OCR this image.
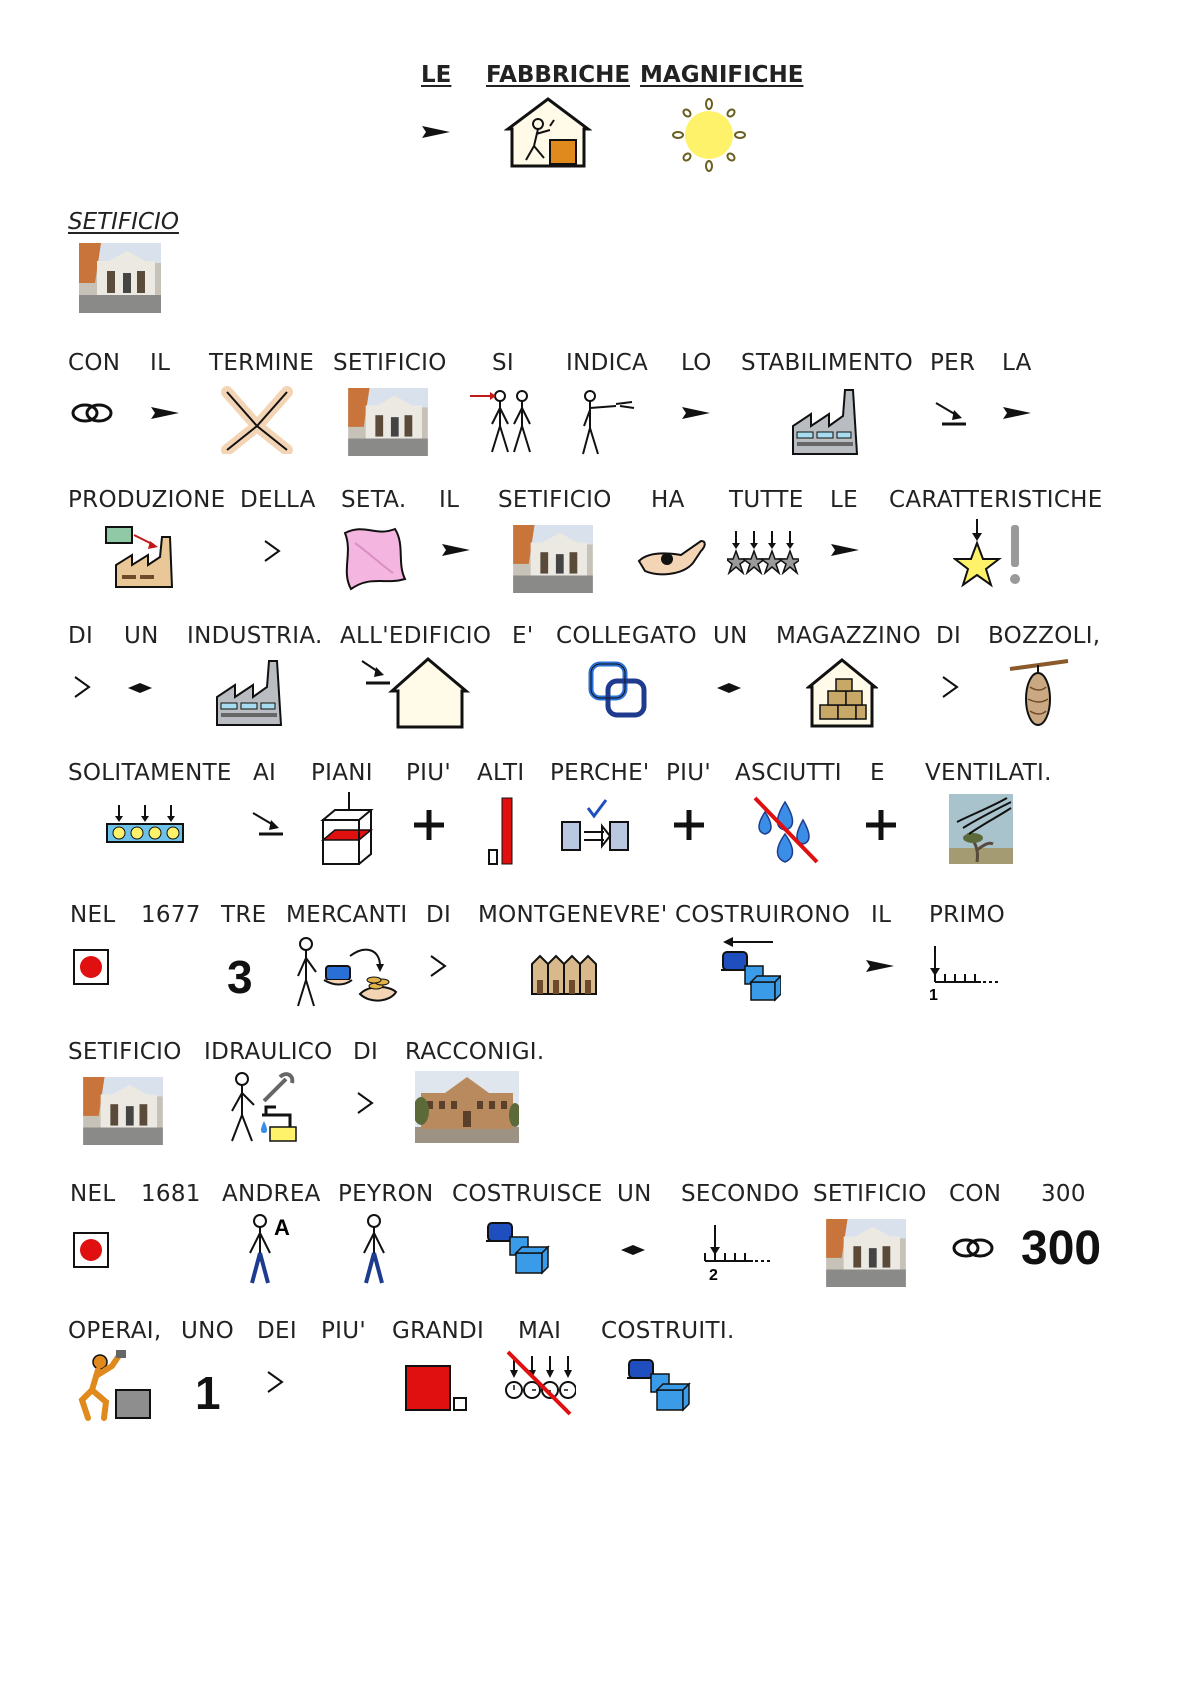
LE FABBRICHE MAGNIFICHE
SETIFICIO
CON IL TERMINE SETIFICIO SI INDICA LO STABILIMENTO PER LA
PRODUZIONE DELLA SETA. IL SETIFICIO HA TUTTE LE CARATTERISTICHE
DI UN INDUSTRIA. ALL'EDIFICIO E' COLLEGATO UN MAGAZZINO DI BOZZOLI,
SOLITAMENTE AI PIANI PIU' ALTI PERCHE' PIU' ASCIUTTI E VENTILATI.
NEL 1677 TRE
3
MERCANTI DI MONTGENEVRE' COSTRUIRONO IL PRIMO
1
SETIFICIO IDRAULICO DI RACCONIGI.
NEL 1681 ANDREA
A
PEYRON COSTRUISCE UN SECONDO
2
SETIFICIO CON 300
300
OPERAI, UNO
1
DEI PIU' GRANDI MAI COSTRUITI.
